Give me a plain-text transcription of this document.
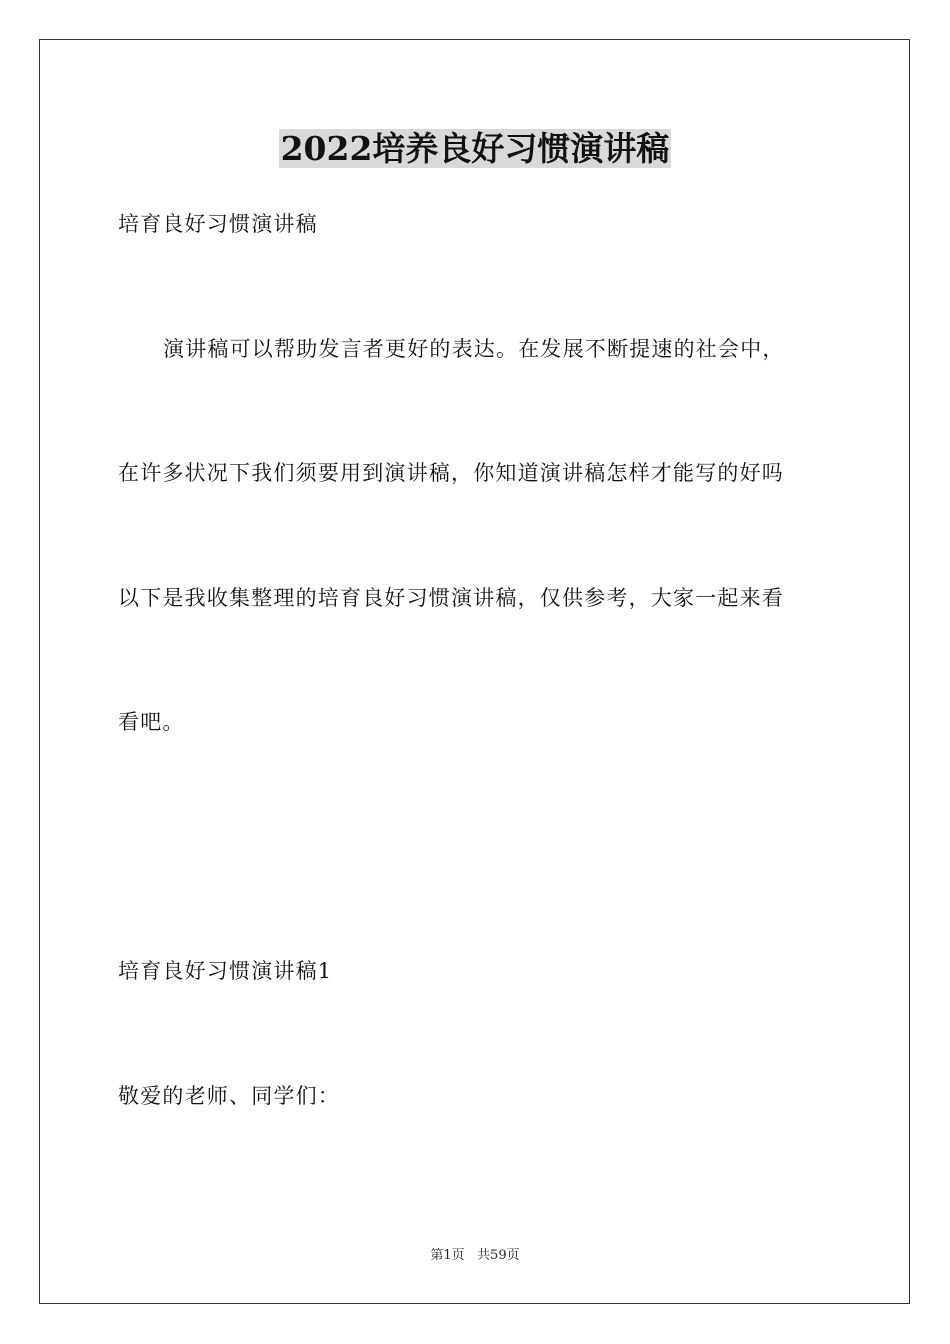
2022培养良好习惯演讲稿
培育良好习惯演讲稿
演讲稿可以帮助发言者更好的表达。在发展不断提速的社会中，
在许多状况下我们须要用到演讲稿，你知道演讲稿怎样才能写的好吗
以下是我收集整理的培育良好习惯演讲稿，仅供参考，大家一起来看
看吧。
培育良好习惯演讲稿1
敬爱的老师、同学们：
第1页   共59页
